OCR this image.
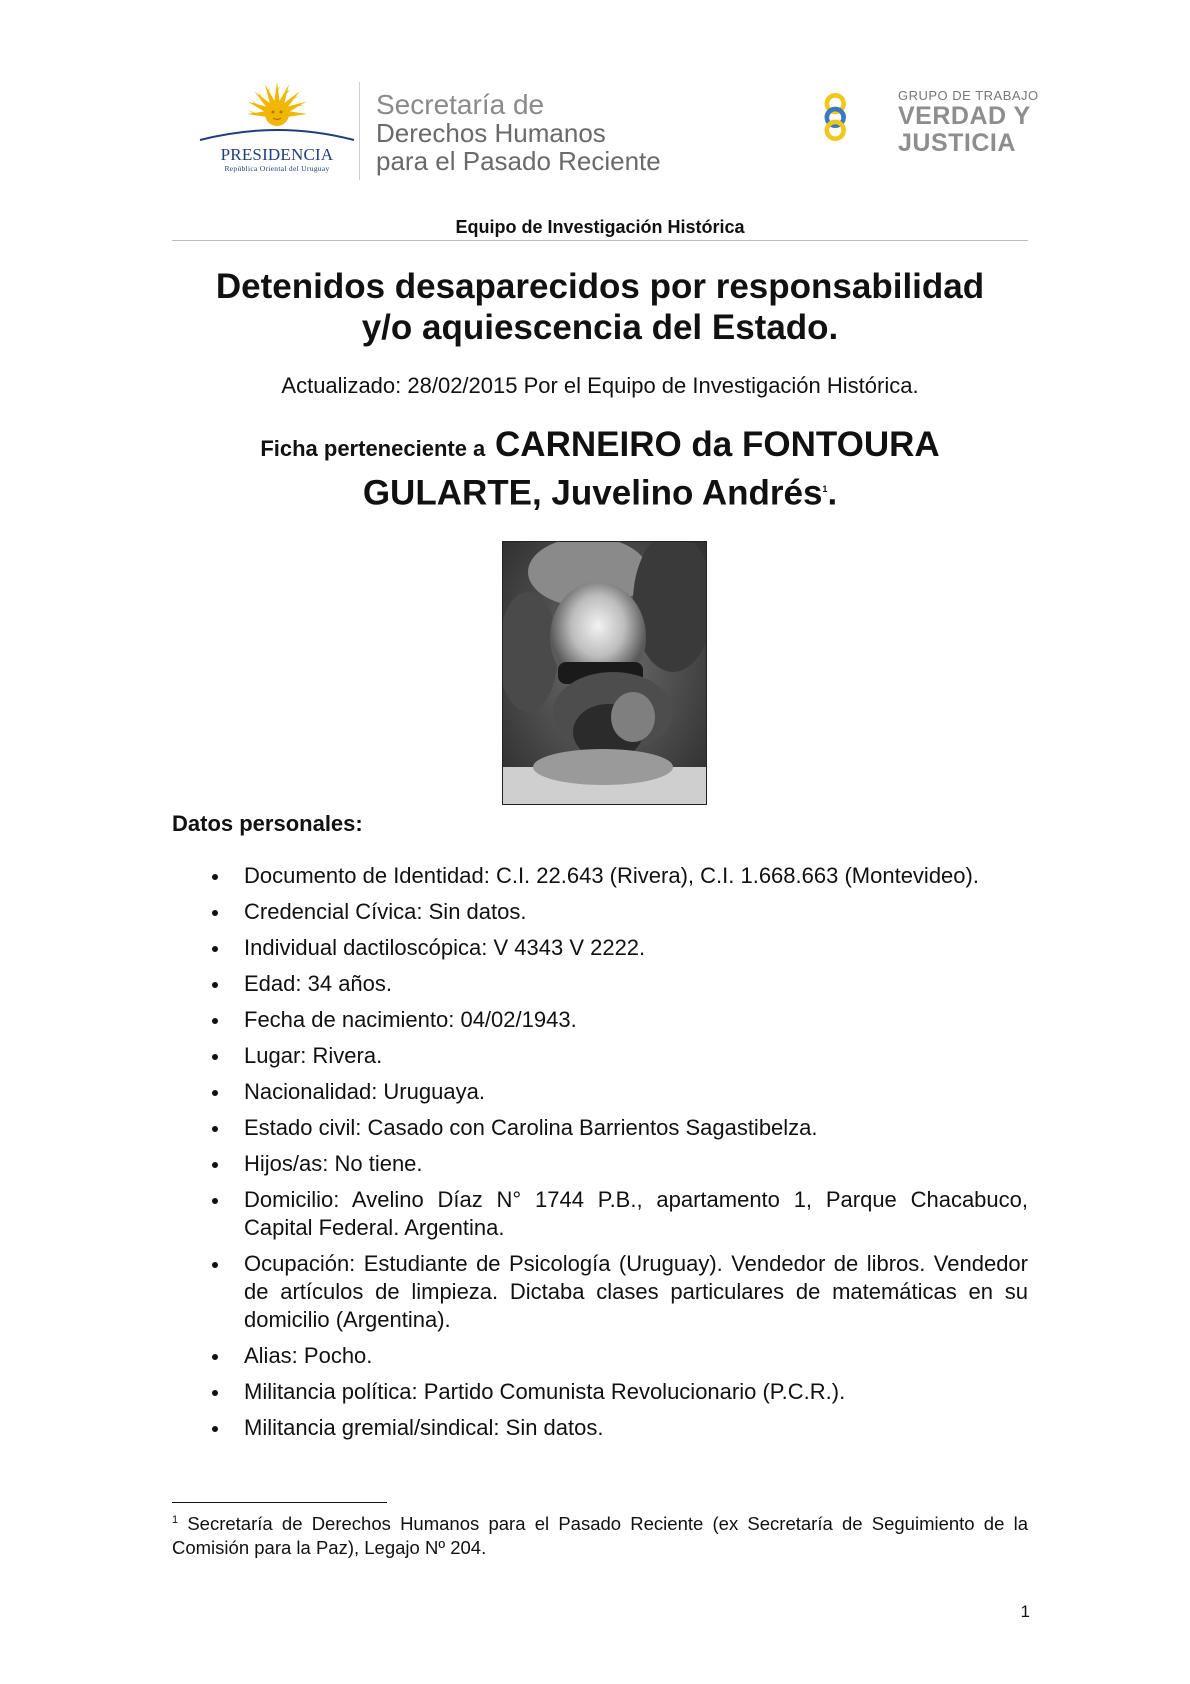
PRESIDENCIA
República Oriental del Uruguay
Secretaría de
Derechos Humanos
para el Pasado Reciente
GRUPO DE TRABAJO
VERDAD Y
JUSTICIA
Equipo de Investigación Histórica
Detenidos desaparecidos por responsabilidad
y/o aquiescencia del Estado.
Actualizado: 28/02/2015 Por el Equipo de Investigación Histórica.
Ficha perteneciente a CARNEIRO da FONTOURA
GULARTE, Juvelino Andrés$^1$.
Datos personales:
Documento de Identidad: C.I. 22.643 (Rivera), C.I. 1.668.663 (Montevideo).
Credencial Cívica: Sin datos.
Individual dactiloscópica: V 4343 V 2222.
Edad: 34 años.
Fecha de nacimiento: 04/02/1943.
Lugar: Rivera.
Nacionalidad: Uruguaya.
Estado civil: Casado con Carolina Barrientos Sagastibelza.
Hijos/as: No tiene.
Domicilio: Avelino Díaz N° 1744 P.B., apartamento 1, Parque Chacabuco, Capital Federal. Argentina.
Ocupación: Estudiante de Psicología (Uruguay). Vendedor de libros. Vendedor de artículos de limpieza. Dictaba clases particulares de matemáticas en su domicilio (Argentina).
Alias: Pocho.
Militancia política: Partido Comunista Revolucionario (P.C.R.).
Militancia gremial/sindical: Sin datos.
$^1$ Secretaría de Derechos Humanos para el Pasado Reciente (ex Secretaría de Seguimiento de la Comisión para la Paz), Legajo Nº 204.
1
